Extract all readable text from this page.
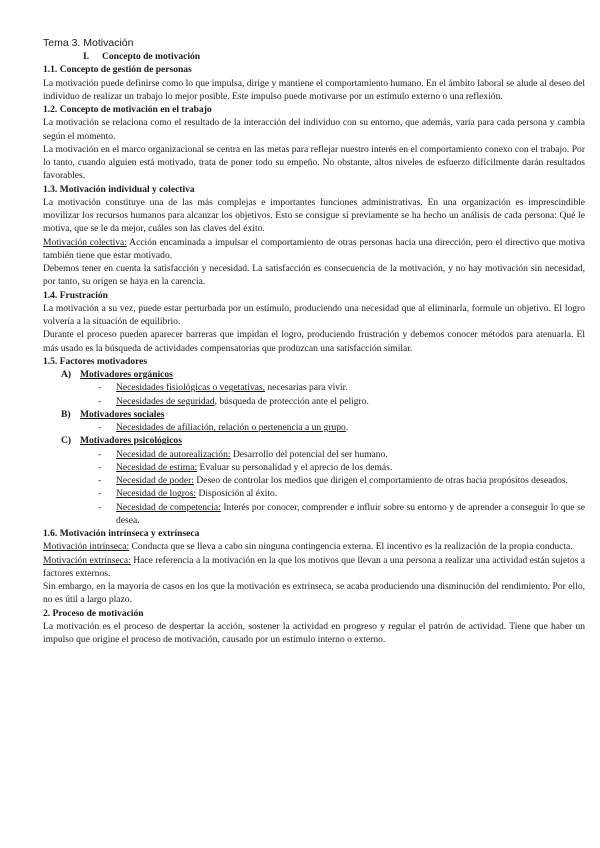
Tema 3. Motivación

I. Concepto de motivación

1.1. Concepto de gestión de personas

La motivación puede definirse como lo que impulsa, dirige y mantiene el comportamiento humano. En el ámbito laboral se alude al deseo del individuo de realizar un trabajo lo mejor posible. Este impulso puede motivarse por un estímulo externo o una reflexión.

1.2. Concepto de motivación en el trabajo

La motivación se relaciona como el resultado de la interacción del individuo con su entorno, que además, varía para cada persona y cambia según el momento.

La motivación en el marco organizacional se centra en las metas para reflejar nuestro interés en el comportamiento conexo con el trabajo. Por lo tanto, cuando alguien está motivado, trata de poner todo su empeño. No obstante, altos niveles de esfuerzo difícilmente darán resultados favorables.

1.3. Motivación individual y colectiva

La motivación constituye una de las más complejas e importantes funciones administrativas. En una organización es imprescindible movilizar los recursos humanos para alcanzar los objetivos. Esto se consigue si previamente se ha hecho un análisis de cada persona: Qué le motiva, que se le da mejor, cuáles son las claves del éxito.

Motivación colectiva: Acción encaminada a impulsar el comportamiento de otras personas hacia una dirección, pero el directivo que motiva también tiene que estar motivado.

Debemos tener en cuenta la satisfacción y necesidad. La satisfacción es consecuencia de la motivación, y no hay motivación sin necesidad, por tanto, su origen se haya en la carencia.

1.4. Frustración

La motivación a su vez, puede estar perturbada por un estímulo, produciendo una necesidad que al eliminarla, formule un objetivo. El logro volvería a la situación de equilibrio.

Durante el proceso pueden aparecer barreras que impidan el logro, produciendo frustración y debemos conocer métodos para atenuarla. El más usado es la búsqueda de actividades compensatorias que produzcan una satisfacción similar.

1.5. Factores motivadores

A) Motivadores orgánicos

- Necesidades fisiológicas o vegetativas, necesarias para vivir.
- Necesidades de seguridad, búsqueda de protección ante el peligro.

B) Motivadores sociales

- Necesidades de afiliación, relación o pertenencia a un grupo.

C) Motivadores psicológicos

- Necesidad de autorealización: Desarrollo del potencial del ser humano.
- Necesidad de estima: Evaluar su personalidad y el aprecio de los demás.
- Necesidad de poder: Deseo de controlar los medios que dirigen el comportamiento de otras hacia propósitos deseados.
- Necesidad de logros: Disposición al éxito.
- Necesidad de competencia: Interés por conocer, comprender e influir sobre su entorno y de aprender a conseguir lo que se desea.

1.6. Motivación intrínseca y extrínseca

Motivación intrínseca: Conducta que se lleva a cabo sin ninguna contingencia externa. El incentivo es la realización de la propia conducta.

Motivación extrínseca: Hace referencia a la motivación en la que los motivos que llevan a una persona a realizar una actividad están sujetos a factores externos.

Sin embargo, en la mayoría de casos en los que la motivación es extrínseca, se acaba produciendo una disminución del rendimiento. Por ello, no es útil a largo plazo.

2. Proceso de motivación

La motivación es el proceso de despertar la acción, sostener la actividad en progreso y regular el patrón de actividad. Tiene que haber un impulso que origine el proceso de motivación, causado por un estímulo interno o externo.
